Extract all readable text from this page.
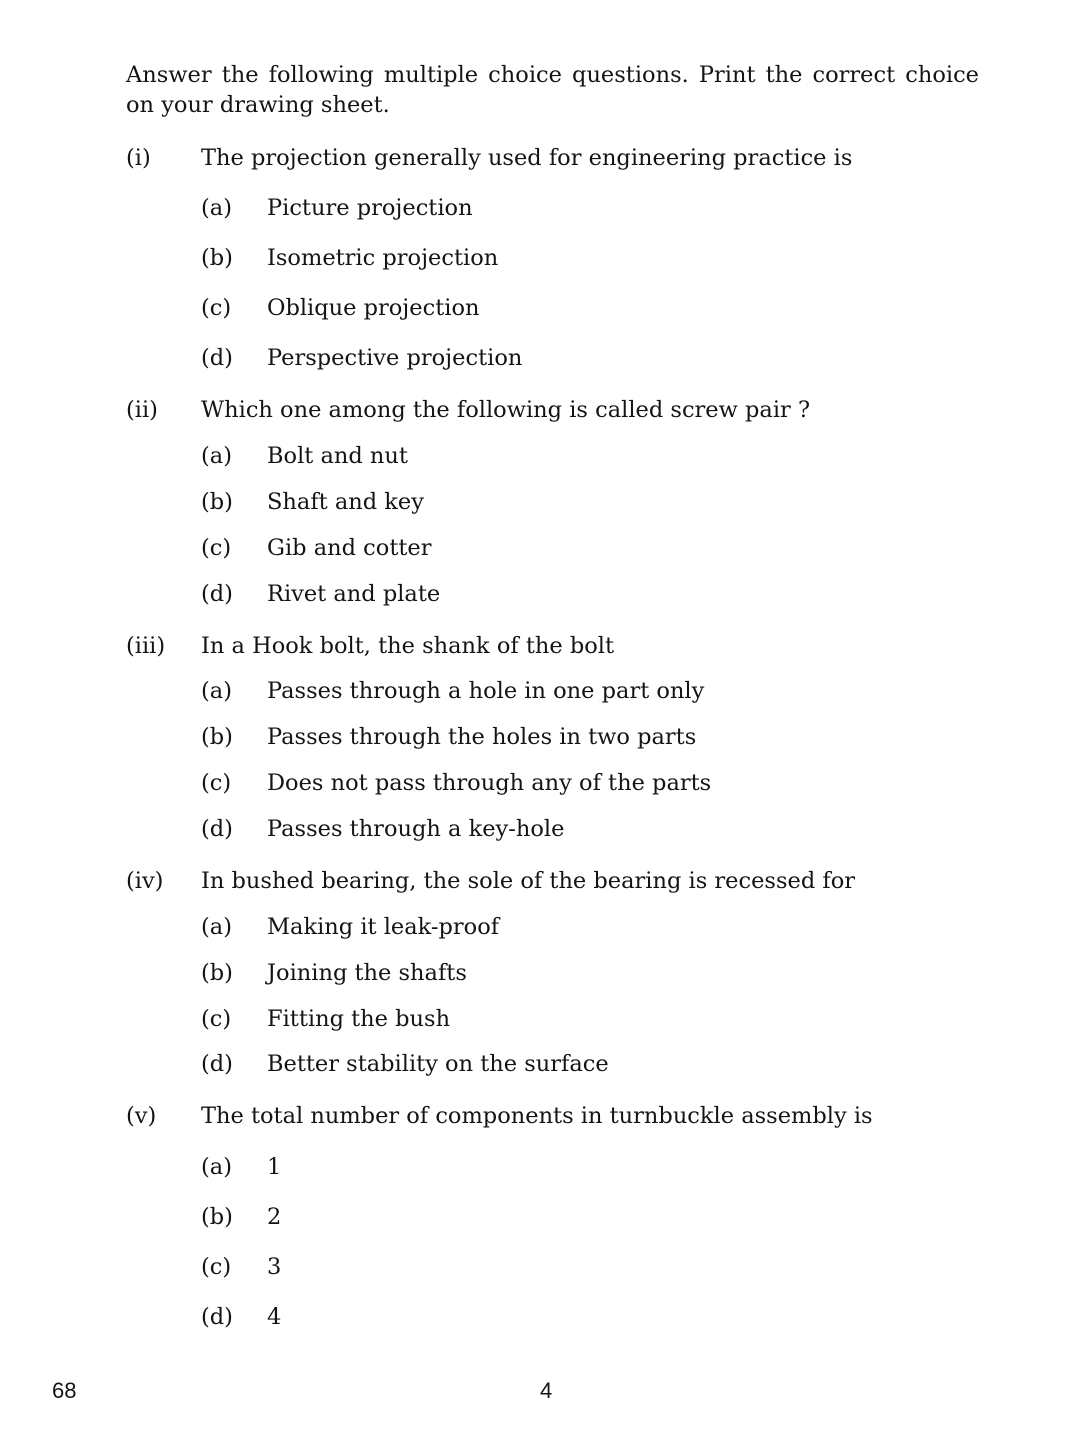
Answer the following multiple choice questions. Print the correct choice on your drawing sheet.
(i) The projection generally used for engineering practice is
(a) Picture projection
(b) Isometric projection
(c) Oblique projection
(d) Perspective projection
(ii) Which one among the following is called screw pair ?
(a) Bolt and nut
(b) Shaft and key
(c) Gib and cotter
(d) Rivet and plate
(iii) In a Hook bolt, the shank of the bolt
(a) Passes through a hole in one part only
(b) Passes through the holes in two parts
(c) Does not pass through any of the parts
(d) Passes through a key-hole
(iv) In bushed bearing, the sole of the bearing is recessed for
(a) Making it leak-proof
(b) Joining the shafts
(c) Fitting the bush
(d) Better stability on the surface
(v) The total number of components in turnbuckle assembly is
(a) 1
(b) 2
(c) 3
(d) 4
68	4
